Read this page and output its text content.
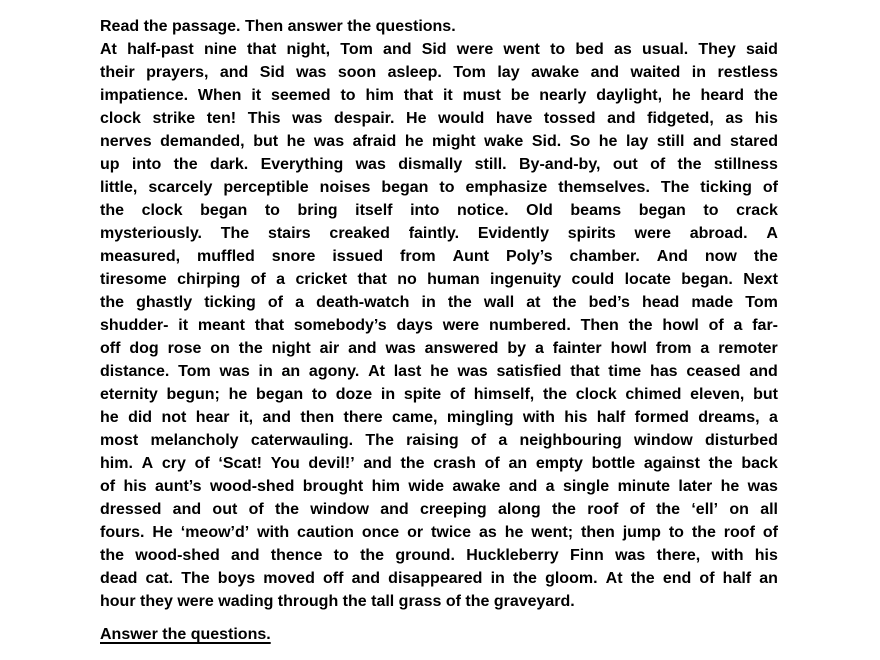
Read the passage. Then answer the questions.
At half-past nine that night, Tom and Sid were went to bed as usual. They said
their prayers, and Sid was soon asleep. Tom lay awake and waited in restless
impatience. When it seemed to him that it must be nearly daylight, he heard the
clock strike ten! This was despair. He would have tossed and fidgeted, as his
nerves demanded, but he was afraid he might wake Sid. So he lay still and stared
up into the dark. Everything was dismally still. By-and-by, out of the stillness
little, scarcely perceptible noises began to emphasize themselves. The ticking of
the clock began to bring itself into notice. Old beams began to crack
mysteriously. The stairs creaked faintly. Evidently spirits were abroad. A
measured, muffled snore issued from Aunt Poly’s chamber. And now the
tiresome chirping of a cricket that no human ingenuity could locate began. Next
the ghastly ticking of a death-watch in the wall at the bed’s head made Tom
shudder- it meant that somebody’s days were numbered. Then the howl of a far-
off dog rose on the night air and was answered by a fainter howl from a remoter
distance. Tom was in an agony. At last he was satisfied that time has ceased and
eternity begun; he began to doze in spite of himself, the clock chimed eleven, but
he did not hear it, and then there came, mingling with his half formed dreams, a
most melancholy caterwauling. The raising of a neighbouring window disturbed
him. A cry of ‘Scat! You devil!’ and the crash of an empty bottle against the back
of his aunt’s wood-shed brought him wide awake and a single minute later he was
dressed and out of the window and creeping along the roof of the ‘ell’ on all
fours. He ‘meow’d’ with caution once or twice as he went; then jump to the roof of
the wood-shed and thence to the ground. Huckleberry Finn was there, with his
dead cat. The boys moved off and disappeared in the gloom. At the end of half an
hour they were wading through the tall grass of the graveyard.
Answer the questions.
